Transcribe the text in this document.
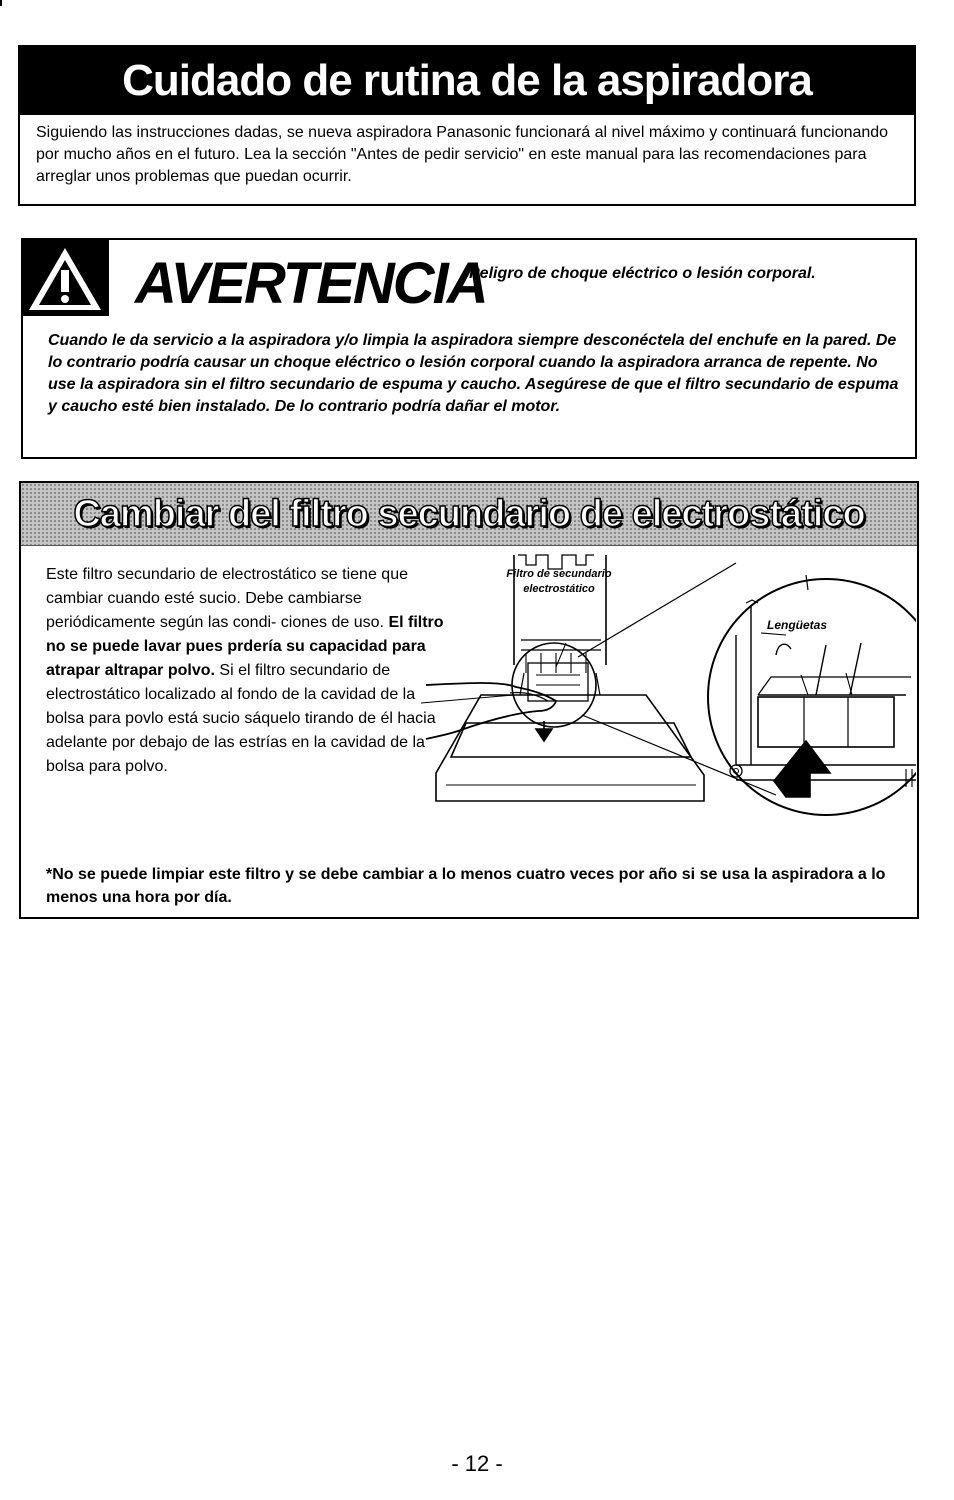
Cuidado de rutina de la aspiradora
Siguiendo las instrucciones dadas, se nueva aspiradora Panasonic funcionará al nivel máximo y continuará funcionando por mucho años en el futuro. Lea la sección "Antes de pedir servicio" en este manual para las recomendaciones para arreglar unos problemas que puedan ocurrir.
AVERTENCIA
Peligro de choque eléctrico o lesión corporal.
Cuando le da servicio a la aspiradora y/o limpia la aspiradora siempre desconéctela del enchufe en la pared. De lo contrario podría causar un choque eléctrico o lesión corporal cuando la aspiradora arranca de repente. No use la aspiradora sin el filtro secundario de espuma y caucho. Asegúrese de que el filtro secundario de espuma y caucho esté bien instalado. De lo contrario podría dañar el motor.
Cambiar del filtro secundario de electrostático
Este filtro secundario de electrostático se tiene que cambiar cuando esté sucio. Debe cambiarse periódicamente según las condi- ciones de uso. El filtro no se puede lavar pues prdería su capacidad para atrapar altrapar polvo. Si el filtro secundario de electrostático localizado al fondo de la cavidad de la bolsa para povlo está sucio sáquelo tirando de él hacia adelante por debajo de las estrías en la cavidad de la bolsa para polvo.
Filtro de secundario electrostático
Lengüetas
*No se puede limpiar este filtro y se debe cambiar a lo menos cuatro veces por año si se usa la aspiradora a lo menos una hora por día.
- 12 -
